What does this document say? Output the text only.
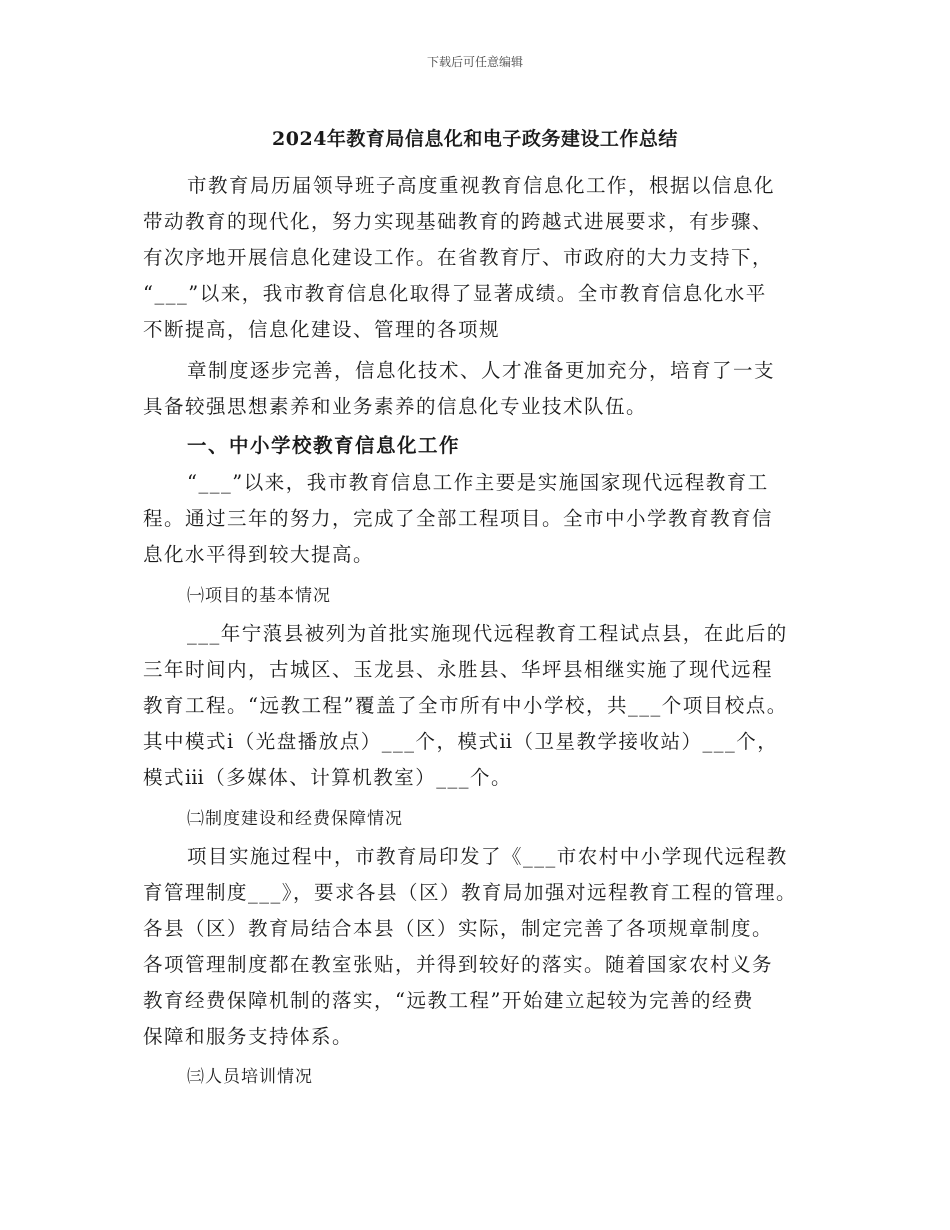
下载后可任意编辑
2024年教育局信息化和电子政务建设工作总结
市教育局历届领导班子高度重视教育信息化工作，根据以信息化
带动教育的现代化，努力实现基础教育的跨越式进展要求，有步骤、
有次序地开展信息化建设工作。在省教育厅、市政府的大力支持下，
“___”以来，我市教育信息化取得了显著成绩。全市教育信息化水平
不断提高，信息化建设、管理的各项规
章制度逐步完善，信息化技术、人才准备更加充分，培育了一支
具备较强思想素养和业务素养的信息化专业技术队伍。
一、中小学校教育信息化工作
“___”以来，我市教育信息工作主要是实施国家现代远程教育工
程。通过三年的努力，完成了全部工程项目。全市中小学教育教育信
息化水平得到较大提高。
㈠项目的基本情况
___年宁蒗县被列为首批实施现代远程教育工程试点县，在此后的
三年时间内，古城区、玉龙县、永胜县、华坪县相继实施了现代远程
教育工程。“远教工程”覆盖了全市所有中小学校，共___个项目校点。
其中模式ⅰ（光盘播放点）___个，模式ⅱ（卫星教学接收站）___个，
模式ⅲ（多媒体、计算机教室）___个。
㈡制度建设和经费保障情况
项目实施过程中，市教育局印发了《___市农村中小学现代远程教
育管理制度___》，要求各县（区）教育局加强对远程教育工程的管理。
各县（区）教育局结合本县（区）实际，制定完善了各项规章制度。
各项管理制度都在教室张贴，并得到较好的落实。随着国家农村义务
教育经费保障机制的落实，“远教工程”开始建立起较为完善的经费
保障和服务支持体系。
㈢人员培训情况
